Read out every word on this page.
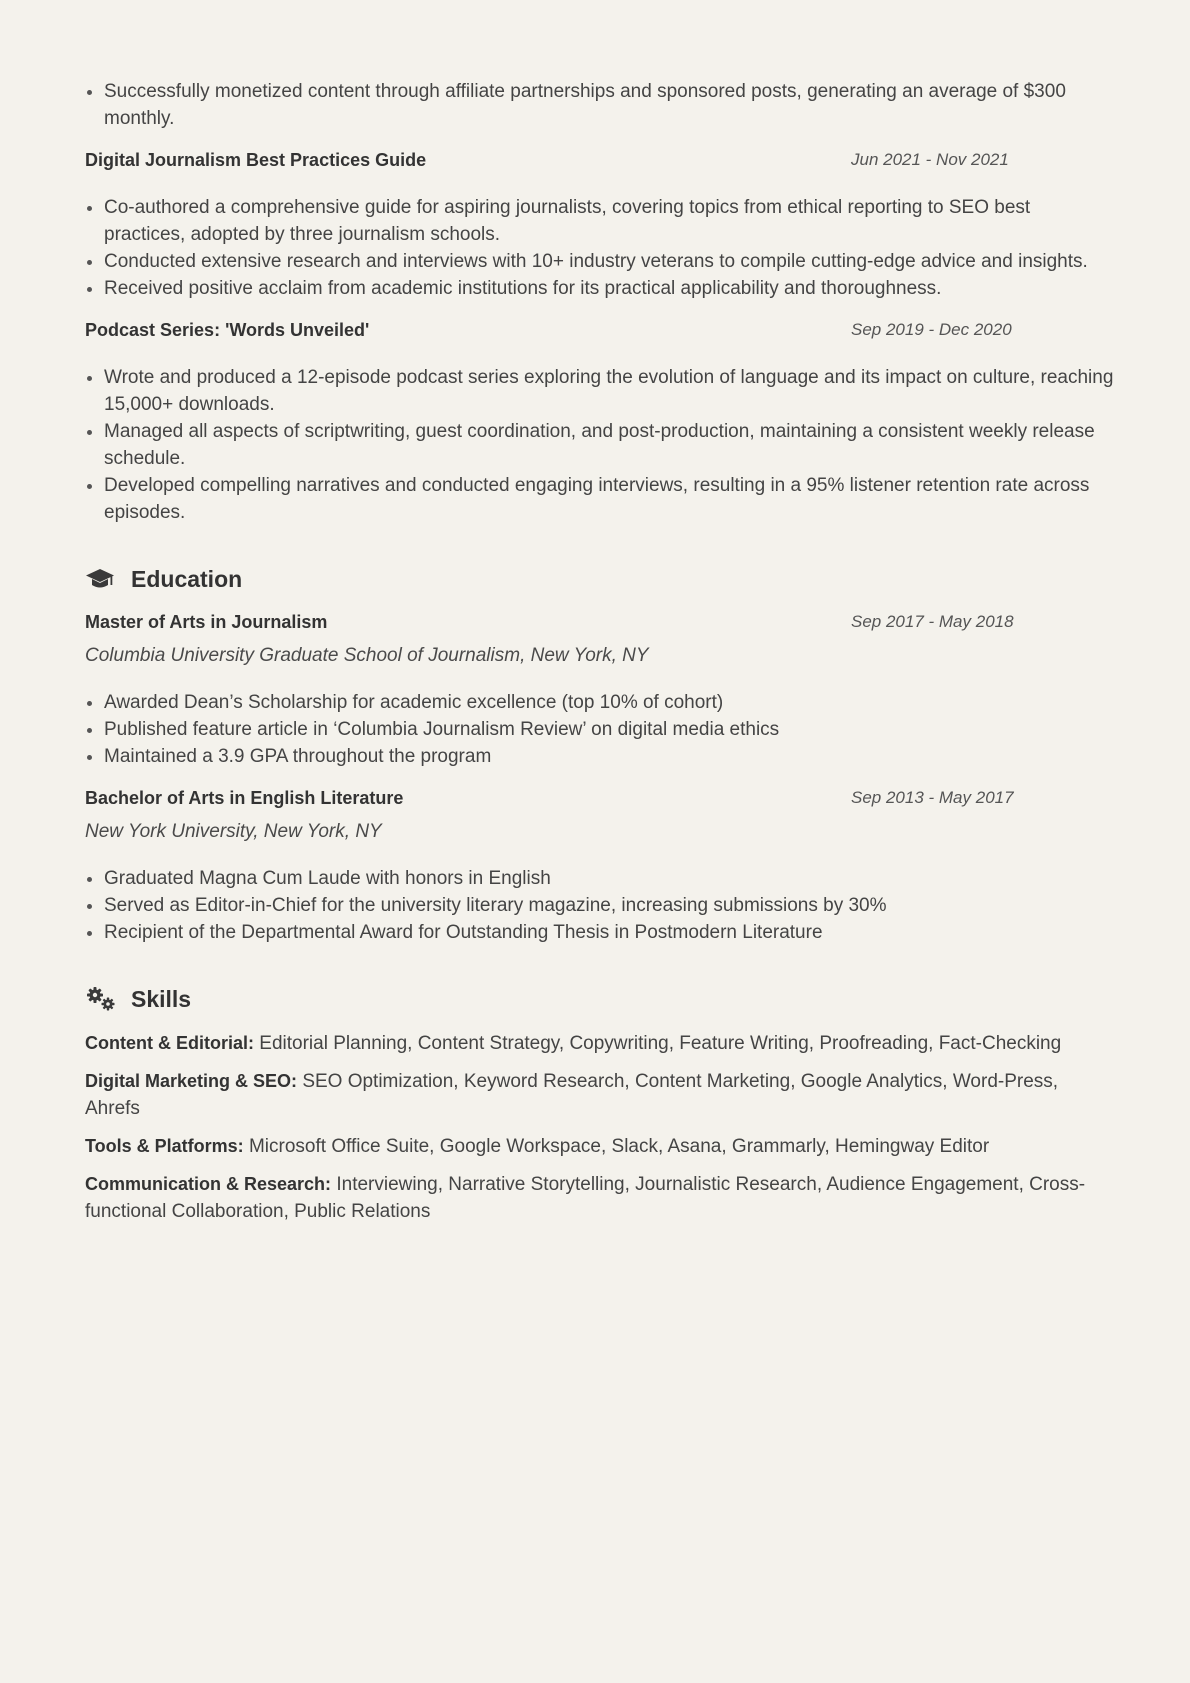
Successfully monetized content through affiliate partnerships and sponsored posts, generating an average of $300 monthly.
Digital Journalism Best Practices Guide	Jun 2021 - Nov 2021
Co-authored a comprehensive guide for aspiring journalists, covering topics from ethical reporting to SEO best practices, adopted by three journalism schools.
Conducted extensive research and interviews with 10+ industry veterans to compile cutting-edge advice and insights.
Received positive acclaim from academic institutions for its practical applicability and thoroughness.
Podcast Series: 'Words Unveiled'	Sep 2019 - Dec 2020
Wrote and produced a 12-episode podcast series exploring the evolution of language and its impact on culture, reaching 15,000+ downloads.
Managed all aspects of scriptwriting, guest coordination, and post-production, maintaining a consistent weekly release schedule.
Developed compelling narratives and conducted engaging interviews, resulting in a 95% listener retention rate across episodes.
Education
Master of Arts in Journalism	Sep 2017 - May 2018
Columbia University Graduate School of Journalism, New York, NY
Awarded Dean’s Scholarship for academic excellence (top 10% of cohort)
Published feature article in ‘Columbia Journalism Review’ on digital media ethics
Maintained a 3.9 GPA throughout the program
Bachelor of Arts in English Literature	Sep 2013 - May 2017
New York University, New York, NY
Graduated Magna Cum Laude with honors in English
Served as Editor-in-Chief for the university literary magazine, increasing submissions by 30%
Recipient of the Departmental Award for Outstanding Thesis in Postmodern Literature
Skills
Content & Editorial: Editorial Planning, Content Strategy, Copywriting, Feature Writing, Proofreading, Fact-Checking
Digital Marketing & SEO: SEO Optimization, Keyword Research, Content Marketing, Google Analytics, Word-Press, Ahrefs
Tools & Platforms: Microsoft Office Suite, Google Workspace, Slack, Asana, Grammarly, Hemingway Editor
Communication & Research: Interviewing, Narrative Storytelling, Journalistic Research, Audience Engagement, Cross-functional Collaboration, Public Relations
